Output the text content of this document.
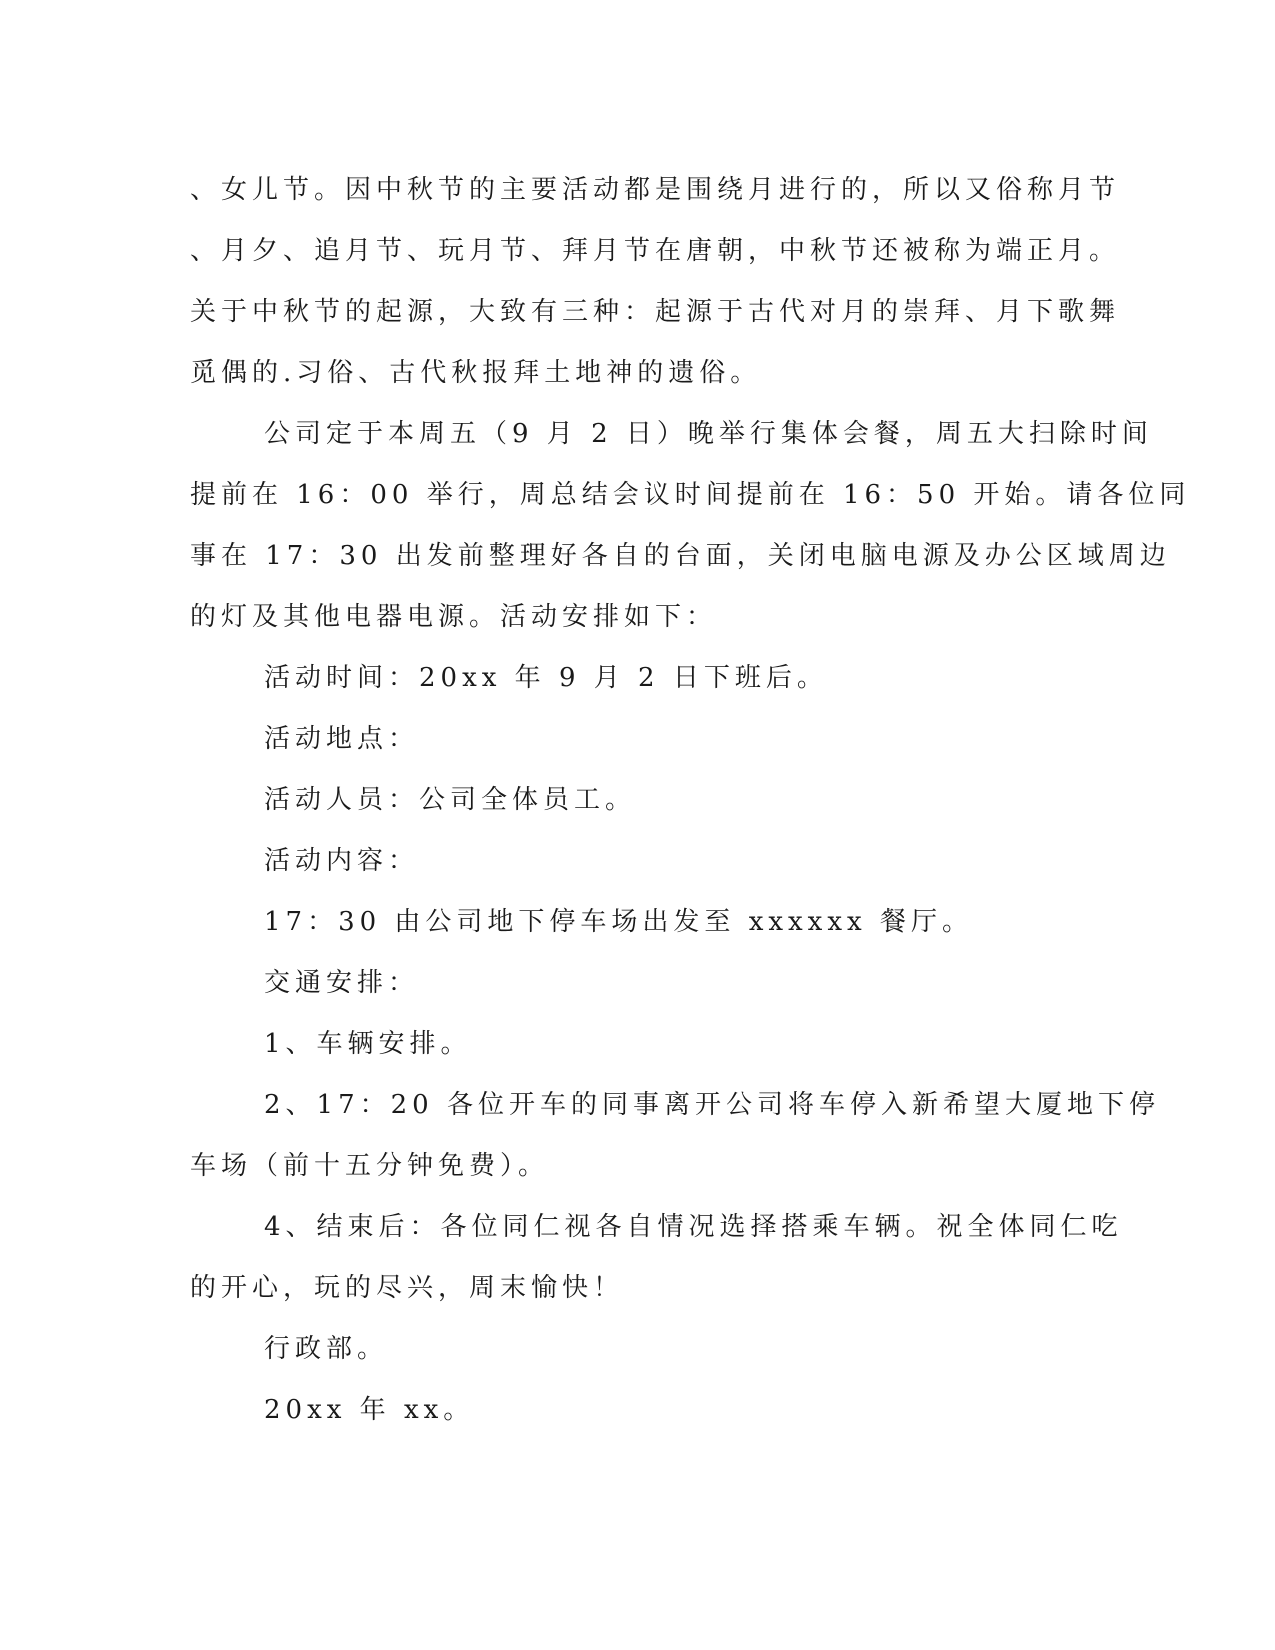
、女儿节。因中秋节的主要活动都是围绕月进行的，所以又俗称月节
、月夕、追月节、玩月节、拜月节在唐朝，中秋节还被称为端正月。
关于中秋节的起源，大致有三种：起源于古代对月的崇拜、月下歌舞
觅偶的.习俗、古代秋报拜土地神的遗俗。
公司定于本周五（9 月 2 日）晚举行集体会餐，周五大扫除时间
提前在 16：00 举行，周总结会议时间提前在 16：50 开始。请各位同
事在 17：30 出发前整理好各自的台面，关闭电脑电源及办公区域周边
的灯及其他电器电源。活动安排如下：
活动时间：20xx 年 9 月 2 日下班后。
活动地点：
活动人员：公司全体员工。
活动内容：
17：30 由公司地下停车场出发至 xxxxxx 餐厅。
交通安排：
1、车辆安排。
2、17：20 各位开车的同事离开公司将车停入新希望大厦地下停
车场（前十五分钟免费）。
4、结束后：各位同仁视各自情况选择搭乘车辆。祝全体同仁吃
的开心，玩的尽兴，周末愉快！
行政部。
20xx 年 xx。
